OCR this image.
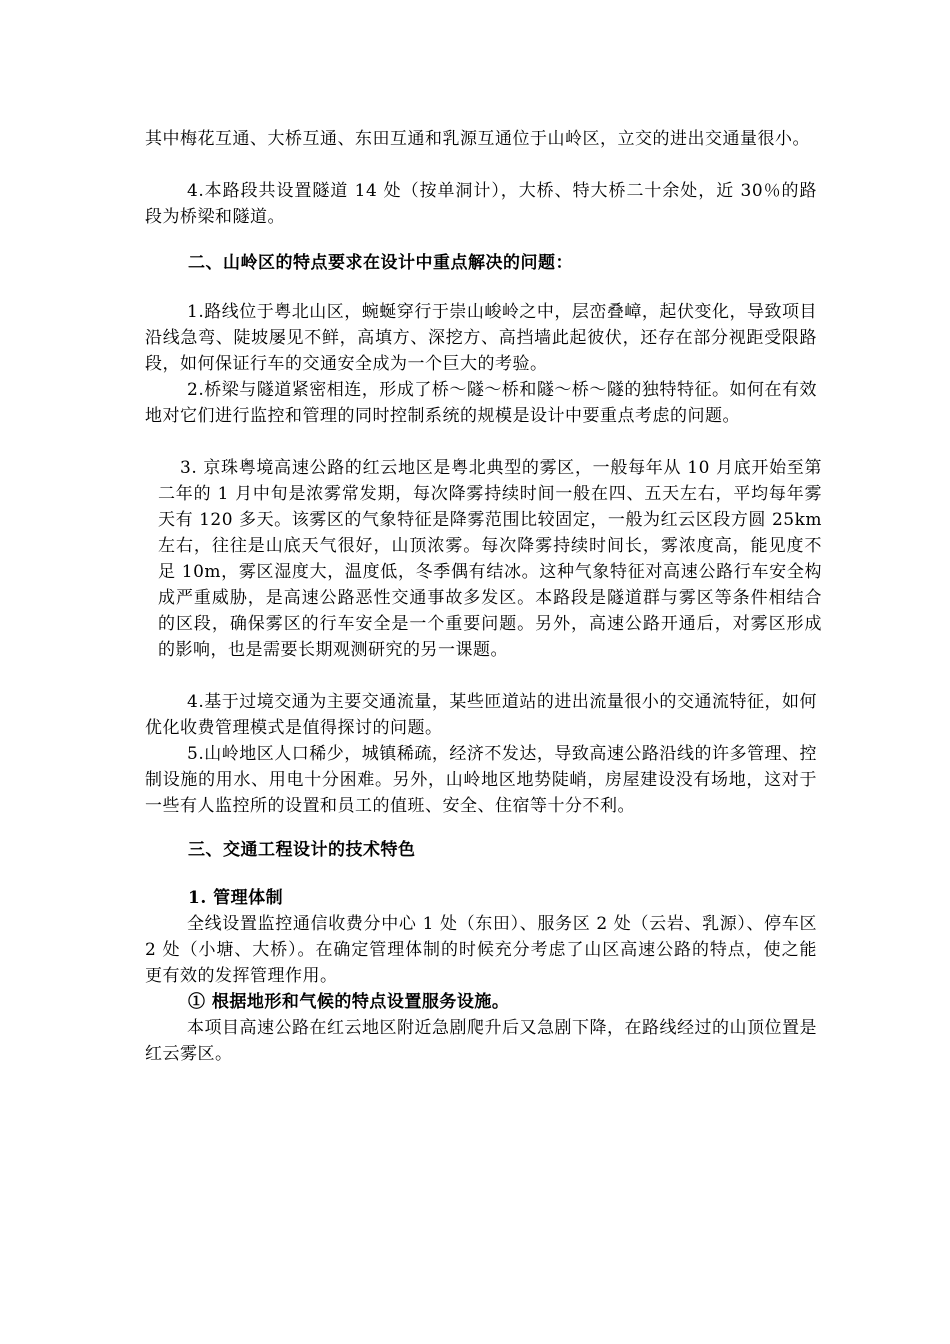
其中梅花互通、大桥互通、东田互通和乳源互通位于山岭区，立交的进出交通量很小。
4.本路段共设置隧道 14 处（按单洞计），大桥、特大桥二十余处，近 30％的路段为桥梁和隧道。
二、山岭区的特点要求在设计中重点解决的问题：
1.路线位于粤北山区，蜿蜒穿行于崇山峻岭之中，层峦叠嶂，起伏变化，导致项目沿线急弯、陡坡屡见不鲜，高填方、深挖方、高挡墙此起彼伏，还存在部分视距受限路段，如何保证行车的交通安全成为一个巨大的考验。
2.桥梁与隧道紧密相连，形成了桥～隧～桥和隧～桥～隧的独特特征。如何在有效地对它们进行监控和管理的同时控制系统的规模是设计中要重点考虑的问题。
3. 京珠粤境高速公路的红云地区是粤北典型的雾区，一般每年从 10 月底开始至第二年的 1 月中旬是浓雾常发期，每次降雾持续时间一般在四、五天左右，平均每年雾天有 120 多天。该雾区的气象特征是降雾范围比较固定，一般为红云区段方圆 25km 左右，往往是山底天气很好，山顶浓雾。每次降雾持续时间长，雾浓度高，能见度不足 10m，雾区湿度大，温度低，冬季偶有结冰。这种气象特征对高速公路行车安全构成严重威胁，是高速公路恶性交通事故多发区。本路段是隧道群与雾区等条件相结合的区段，确保雾区的行车安全是一个重要问题。另外，高速公路开通后，对雾区形成的影响，也是需要长期观测研究的另一课题。
4.基于过境交通为主要交通流量，某些匝道站的进出流量很小的交通流特征，如何优化收费管理模式是值得探讨的问题。
5.山岭地区人口稀少，城镇稀疏，经济不发达，导致高速公路沿线的许多管理、控制设施的用水、用电十分困难。另外，山岭地区地势陡峭，房屋建设没有场地，这对于一些有人监控所的设置和员工的值班、安全、住宿等十分不利。
三、交通工程设计的技术特色
1. 管理体制
全线设置监控通信收费分中心 1 处（东田）、服务区 2 处（云岩、乳源）、停车区 2 处（小塘、大桥）。在确定管理体制的时候充分考虑了山区高速公路的特点，使之能更有效的发挥管理作用。
① 根据地形和气候的特点设置服务设施。
本项目高速公路在红云地区附近急剧爬升后又急剧下降，在路线经过的山顶位置是红云雾区。
